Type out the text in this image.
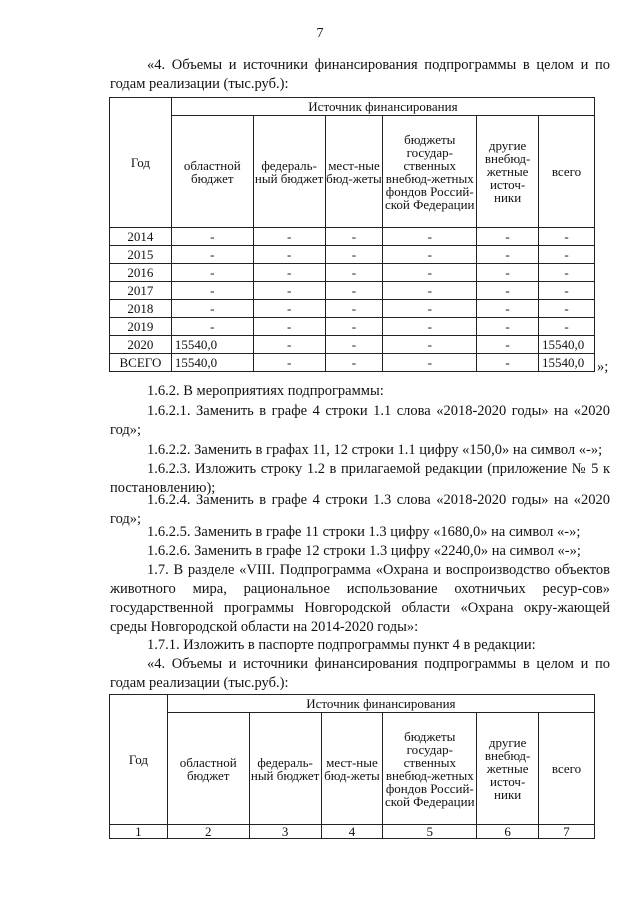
7
«4. Объемы и источники финансирования подпрограммы в целом и по годам реализации (тыс.руб.):
Год	Источник финансирования					
	областной бюджет	федераль-ный бюджет	мест-ные бюд-жеты	бюджеты государ-ственных внебюд-жетных фондов Россий-ской Федерации	другие внебюд-жетные источ-ники	всего
2014	-	-	-	-	-	-
2015	-	-	-	-	-	-
2016	-	-	-	-	-	-
2017	-	-	-	-	-	-
2018	-	-	-	-	-	-
2019	-	-	-	-	-	-
2020	15540,0	-	-	-	-	15540,0
ВСЕГО	15540,0	-	-	-	-	15540,0 »;
1.6.2. В мероприятиях подпрограммы:
1.6.2.1. Заменить в графе 4 строки 1.1 слова «2018-2020 годы» на «2020 год»;
1.6.2.2. Заменить в графах 11, 12 строки 1.1 цифру «150,0» на символ «-»;
1.6.2.3. Изложить строку 1.2 в прилагаемой редакции (приложение № 5 к постановлению);
1.6.2.4. Заменить в графе 4 строки 1.3 слова «2018-2020 годы» на «2020 год»;
1.6.2.5. Заменить в графе 11 строки 1.3 цифру «1680,0» на символ «-»;
1.6.2.6. Заменить в графе 12 строки 1.3 цифру «2240,0» на символ «-»;
1.7. В разделе «VIII. Подпрограмма «Охрана и воспроизводство объектов животного мира, рациональное использование охотничьих ресур-сов» государственной программы Новгородской области «Охрана окру-жающей среды Новгородской области на 2014-2020 годы»:
1.7.1. Изложить в паспорте подпрограммы пункт 4 в редакции:
«4. Объемы и источники финансирования подпрограммы в целом и по годам реализации (тыс.руб.):
Год	Источник финансирования					
	областной бюджет	федераль-ный бюджет	мест-ные бюд-жеты	бюджеты государ-ственных внебюд-жетных фондов Россий-ской Федерации	другие внебюд-жетные источ-ники	всего
1	2	3	4	5	6	7
